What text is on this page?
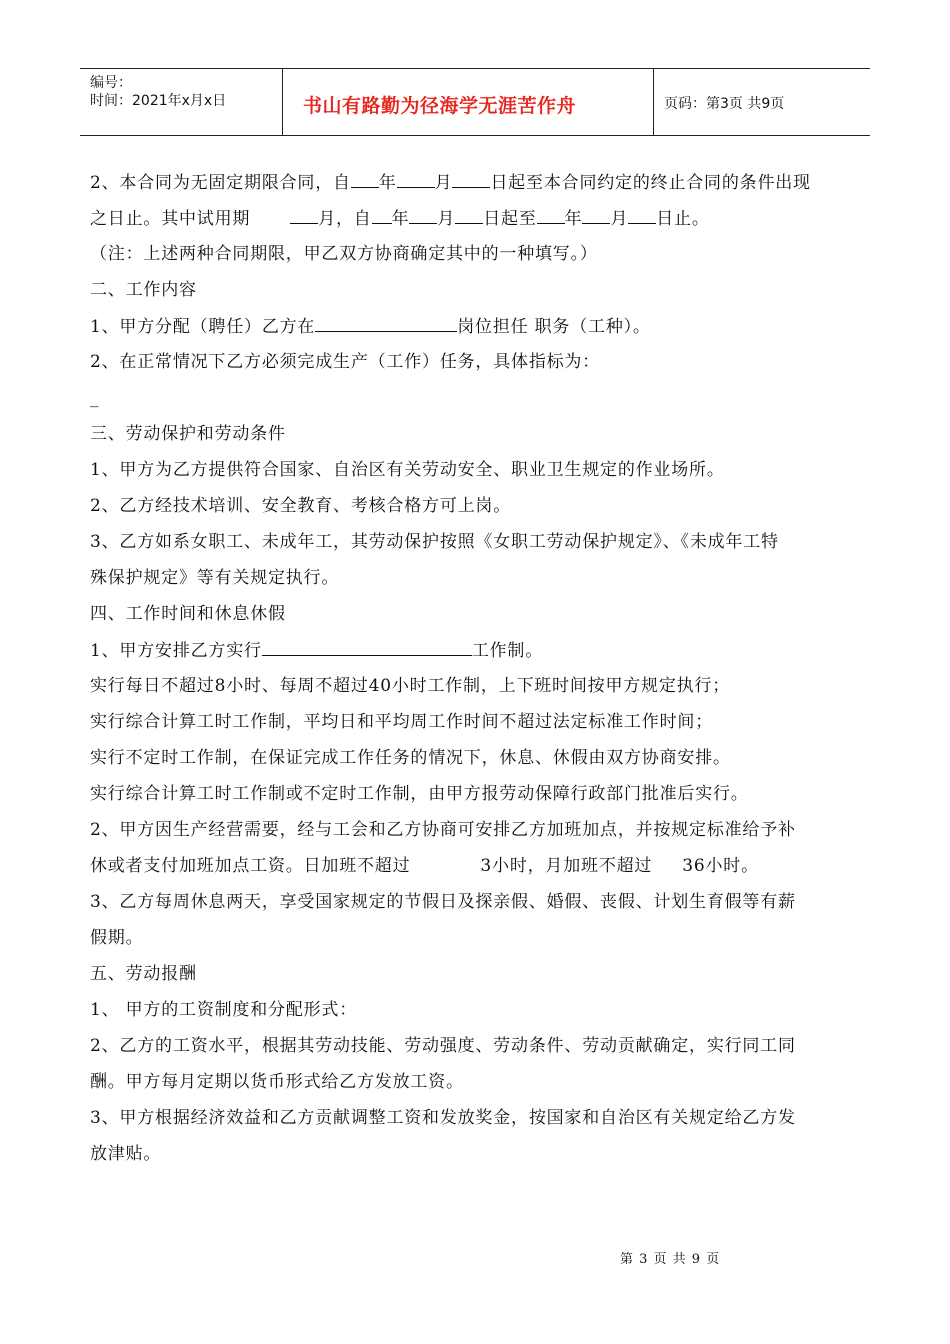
编号：
时间：2021年x月x日	书山有路勤为径海学无涯苦作舟	页码：第3页 共9页
2、本合同为无固定期限合同，自 年 月 日起至本合同约定的终止合同的条件出现
之日止。其中试用期	月，自 年 月 日起至 年 月 日止。
（注：上述两种合同期限，甲乙双方协商确定其中的一种填写。）
二、工作内容
1、甲方分配（聘任）乙方在	岗位担任 职务（工种）。
2、在正常情况下乙方必须完成生产（工作）任务，具体指标为：
_
三、劳动保护和劳动条件
1、甲方为乙方提供符合国家、自治区有关劳动安全、职业卫生规定的作业场所。
2、乙方经技术培训、安全教育、考核合格方可上岗。
3、乙方如系女职工、未成年工，其劳动保护按照《女职工劳动保护规定》、《未成年工特
殊保护规定》等有关规定执行。
四、工作时间和休息休假
1、甲方安排乙方实行	工作制。
实行每日不超过8小时、每周不超过40小时工作制，上下班时间按甲方规定执行；
实行综合计算工时工作制，平均日和平均周工作时间不超过法定标准工作时间；
实行不定时工作制，在保证完成工作任务的情况下，休息、休假由双方协商安排。
实行综合计算工时工作制或不定时工作制，由甲方报劳动保障行政部门批准后实行。
2、甲方因生产经营需要，经与工会和乙方协商可安排乙方加班加点，并按规定标准给予补
休或者支付加班加点工资。日加班不超过	3小时，月加班不超过 36小时。
3、乙方每周休息两天，享受国家规定的节假日及探亲假、婚假、丧假、计划生育假等有薪
假期。
五、劳动报酬
1、 甲方的工资制度和分配形式：
2、乙方的工资水平，根据其劳动技能、劳动强度、劳动条件、劳动贡献确定，实行同工同
酬。甲方每月定期以货币形式给乙方发放工资。
3、甲方根据经济效益和乙方贡献调整工资和发放奖金，按国家和自治区有关规定给乙方发
放津贴。
第 3 页 共 9 页
